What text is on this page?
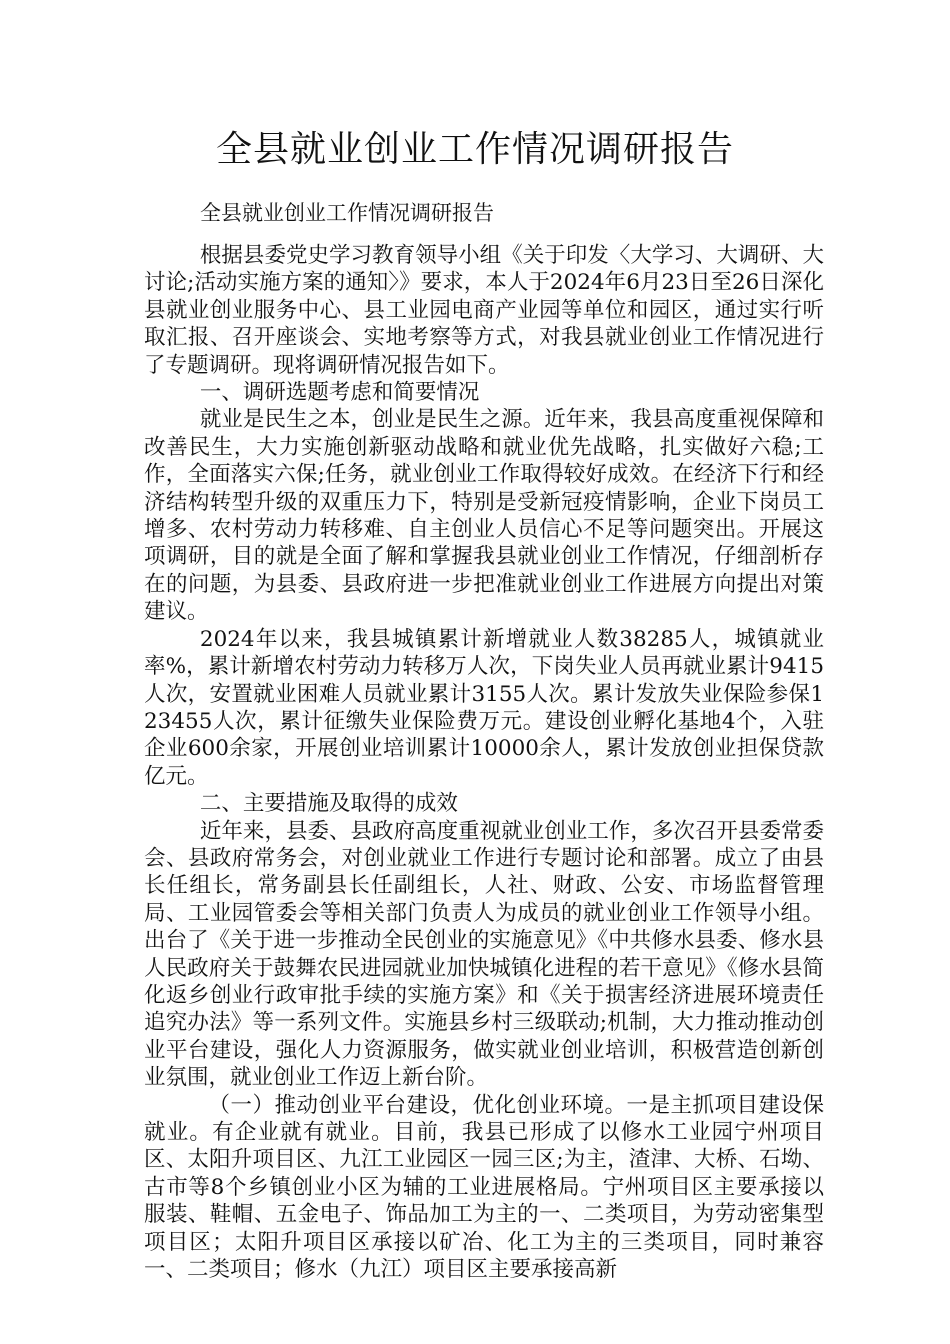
全县就业创业工作情况调研报告
全县就业创业工作情况调研报告

根据县委党史学习教育领导小组《关于印发〈大学习、大调研、大讨论;活动实施方案的通知〉》要求，本人于2024年6月23日至26日深化县就业创业服务中心、县工业园电商产业园等单位和园区，通过实行听取汇报、召开座谈会、实地考察等方式，对我县就业创业工作情况进行了专题调研。现将调研情况报告如下。

一、调研选题考虑和简要情况

就业是民生之本，创业是民生之源。近年来，我县高度重视保障和改善民生，大力实施创新驱动战略和就业优先战略，扎实做好六稳;工作，全面落实六保;任务，就业创业工作取得较好成效。在经济下行和经济结构转型升级的双重压力下，特别是受新冠疫情影响，企业下岗员工增多、农村劳动力转移难、自主创业人员信心不足等问题突出。开展这项调研，目的就是全面了解和掌握我县就业创业工作情况，仔细剖析存在的问题，为县委、县政府进一步把准就业创业工作进展方向提出对策建议。

2024年以来，我县城镇累计新增就业人数38285人，城镇就业率%，累计新增农村劳动力转移万人次，下岗失业人员再就业累计9415人次，安置就业困难人员就业累计3155人次。累计发放失业保险参保123455人次，累计征缴失业保险费万元。建设创业孵化基地4个，入驻企业600余家，开展创业培训累计10000余人，累计发放创业担保贷款亿元。

二、主要措施及取得的成效

近年来，县委、县政府高度重视就业创业工作，多次召开县委常委会、县政府常务会，对创业就业工作进行专题讨论和部署。成立了由县长任组长，常务副县长任副组长，人社、财政、公安、市场监督管理局、工业园管委会等相关部门负责人为成员的就业创业工作领导小组。出台了《关于进一步推动全民创业的实施意见》《中共修水县委、修水县人民政府关于鼓舞农民进园就业加快城镇化进程的若干意见》《修水县简化返乡创业行政审批手续的实施方案》和《关于损害经济进展环境责任追究办法》等一系列文件。实施县乡村三级联动;机制，大力推动推动创业平台建设，强化人力资源服务，做实就业创业培训，积极营造创新创业氛围，就业创业工作迈上新台阶。

（一）推动创业平台建设，优化创业环境。一是主抓项目建设保就业。有企业就有就业。目前，我县已形成了以修水工业园宁州项目区、太阳升项目区、九江工业园区一园三区;为主，渣津、大桥、石坳、古市等8个乡镇创业小区为辅的工业进展格局。宁州项目区主要承接以服装、鞋帽、五金电子、饰品加工为主的一、二类项目，为劳动密集型项目区；太阳升项目区承接以矿冶、化工为主的三类项目，同时兼容一、二类项目；修水（九江）项目区主要承接高新
